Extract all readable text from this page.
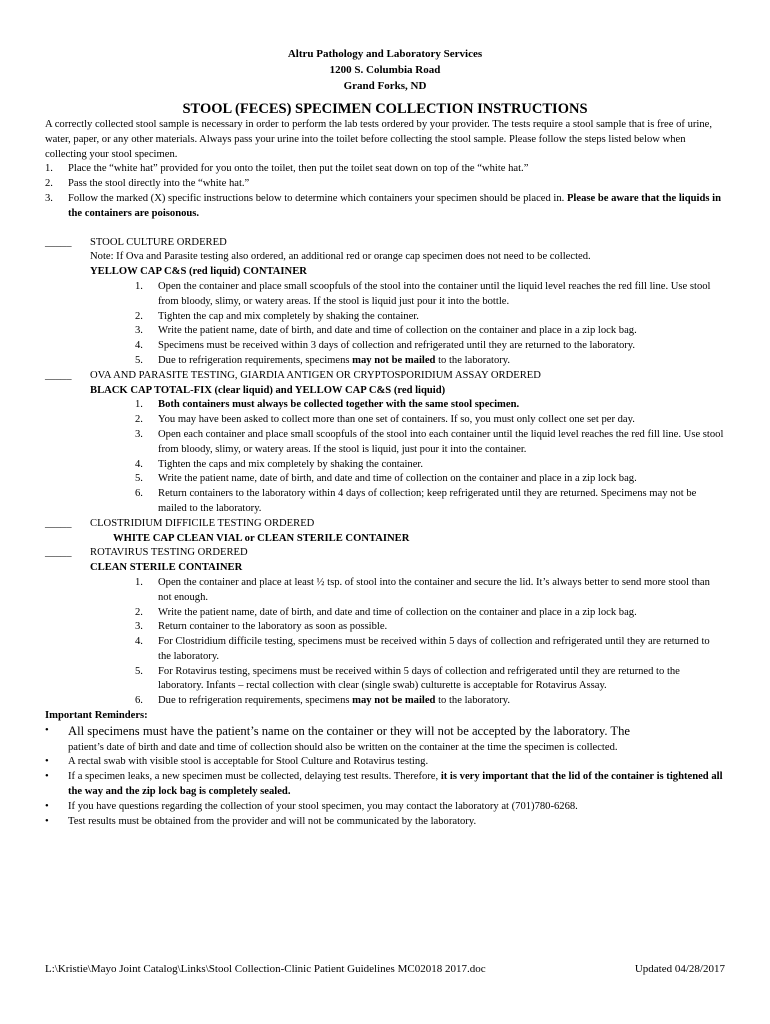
Altru Pathology and Laboratory Services
1200 S. Columbia Road
Grand Forks, ND
STOOL (FECES) SPECIMEN COLLECTION INSTRUCTIONS

A correctly collected stool sample is necessary in order to perform the lab tests ordered by your provider. The tests require a stool sample that is free of urine, water, paper, or any other materials. Always pass your urine into the toilet before collecting the stool sample. Please follow the steps listed below when collecting your stool specimen.

1. Place the “white hat” provided for you onto the toilet, then put the toilet seat down on top of the “white hat.”
2. Pass the stool directly into the “white hat.”
3. Follow the marked (X) specific instructions below to determine which containers your specimen should be placed in. Please be aware that the liquids in the containers are poisonous.
_____ STOOL CULTURE ORDERED
Note: If Ova and Parasite testing also ordered, an additional red or orange cap specimen does not need to be collected.
YELLOW CAP C&S (red liquid) CONTAINER
1. Open the container and place small scoopfuls of the stool into the container until the liquid level reaches the red fill line. Use stool from bloody, slimy, or watery areas. If the stool is liquid just pour it into the bottle.
2. Tighten the cap and mix completely by shaking the container.
3. Write the patient name, date of birth, and date and time of collection on the container and place in a zip lock bag.
4. Specimens must be received within 3 days of collection and refrigerated until they are returned to the laboratory.
5. Due to refrigeration requirements, specimens may not be mailed to the laboratory.
_____ OVA AND PARASITE TESTING, GIARDIA ANTIGEN OR CRYPTOSPORIDIUM ASSAY ORDERED
BLACK CAP TOTAL-FIX (clear liquid) and YELLOW CAP C&S (red liquid)
1. Both containers must always be collected together with the same stool specimen.
2. You may have been asked to collect more than one set of containers. If so, you must only collect one set per day.
3. Open each container and place small scoopfuls of the stool into each container until the liquid level reaches the red fill line. Use stool from bloody, slimy, or watery areas. If the stool is liquid, just pour it into the container.
4. Tighten the caps and mix completely by shaking the container.
5. Write the patient name, date of birth, and date and time of collection on the container and place in a zip lock bag.
6. Return containers to the laboratory within 4 days of collection; keep refrigerated until they are returned. Specimens may not be mailed to the laboratory.
_____ CLOSTRIDIUM DIFFICILE TESTING ORDERED
WHITE CAP CLEAN VIAL or CLEAN STERILE CONTAINER
_____ ROTAVIRUS TESTING ORDERED
CLEAN STERILE CONTAINER
1. Open the container and place at least ½ tsp. of stool into the container and secure the lid. It’s always better to send more stool than not enough.
2. Write the patient name, date of birth, and date and time of collection on the container and place in a zip lock bag.
3. Return container to the laboratory as soon as possible.
4. For Clostridium difficile testing, specimens must be received within 5 days of collection and refrigerated until they are returned to the laboratory.
5. For Rotavirus testing, specimens must be received within 5 days of collection and refrigerated until they are returned to the laboratory. Infants – rectal collection with clear (single swab) culturette is acceptable for Rotavirus Assay.
6. Due to refrigeration requirements, specimens may not be mailed to the laboratory.
Important Reminders:
• All specimens must have the patient’s name on the container or they will not be accepted by the laboratory. The
patient’s date of birth and date and time of collection should also be written on the container at the time the specimen is collected.
• A rectal swab with visible stool is acceptable for Stool Culture and Rotavirus testing.
• If a specimen leaks, a new specimen must be collected, delaying test results. Therefore, it is very important that the lid of the container is tightened all the way and the zip lock bag is completely sealed.
• If you have questions regarding the collection of your stool specimen, you may contact the laboratory at (701)780-6268.
• Test results must be obtained from the provider and will not be communicated by the laboratory.
L:\Kristie\Mayo Joint Catalog\Links\Stool Collection-Clinic Patient Guidelines MC02018 2017.doc	Updated 04/28/2017
